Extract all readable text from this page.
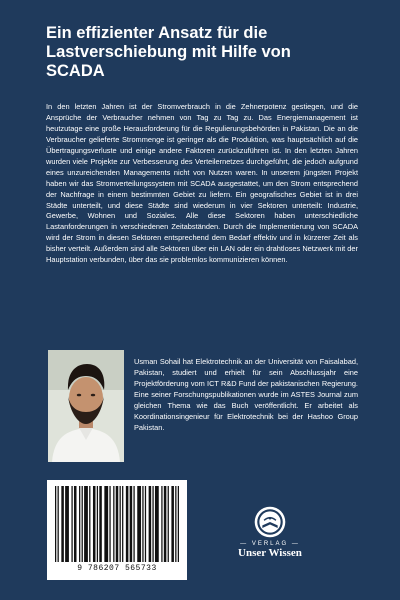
Ein effizienter Ansatz für die
Lastverschiebung mit Hilfe von
SCADA

In den letzten Jahren ist der Stromverbrauch in die Zehnerpotenz gestiegen, und die Ansprüche der Verbraucher nehmen von Tag zu Tag zu. Das Energiemanagement ist heutzutage eine große Herausforderung für die Regulierungsbehörden in Pakistan. Die an die Verbraucher gelieferte Strommenge ist geringer als die Produktion, was hauptsächlich auf die Übertragungsverluste und einige andere Faktoren zurückzuführen ist. In den letzten Jahren wurden viele Projekte zur Verbesserung des Verteilernetzes durchgeführt, die jedoch aufgrund eines unzureichenden Managements nicht von Nutzen waren. In unserem jüngsten Projekt haben wir das Stromverteilungssystem mit SCADA ausgestattet, um den Strom entsprechend der Nachfrage in einem bestimmten Gebiet zu liefern. Ein geografisches Gebiet ist in drei Städte unterteilt, und diese Städte sind wiederum in vier Sektoren unterteilt: Industrie, Gewerbe, Wohnen und Soziales. Alle diese Sektoren haben unterschiedliche Lastanforderungen in verschiedenen Zeitabständen. Durch die Implementierung von SCADA wird der Strom in diesen Sektoren entsprechend dem Bedarf effektiv und in kürzerer Zeit als bisher verteilt. Außerdem sind alle Sektoren über ein LAN oder ein drahtloses Netzwerk mit der Hauptstation verbunden, über das sie problemlos kommunizieren können.

Usman Sohail hat Elektrotechnik an der Universität von Faisalabad, Pakistan, studiert und erhielt für sein Abschlussjahr eine Projektförderung vom ICT R&D Fund der pakistanischen Regierung. Eine seiner Forschungspublikationen wurde im ASTES Journal zum gleichen Thema wie das Buch veröffentlicht. Er arbeitet als Koordinationsingenieur für Elektrotechnik bei der Hashoo Group Pakistan.

9 786207 565733
— VERLAG —
Unser Wissen
